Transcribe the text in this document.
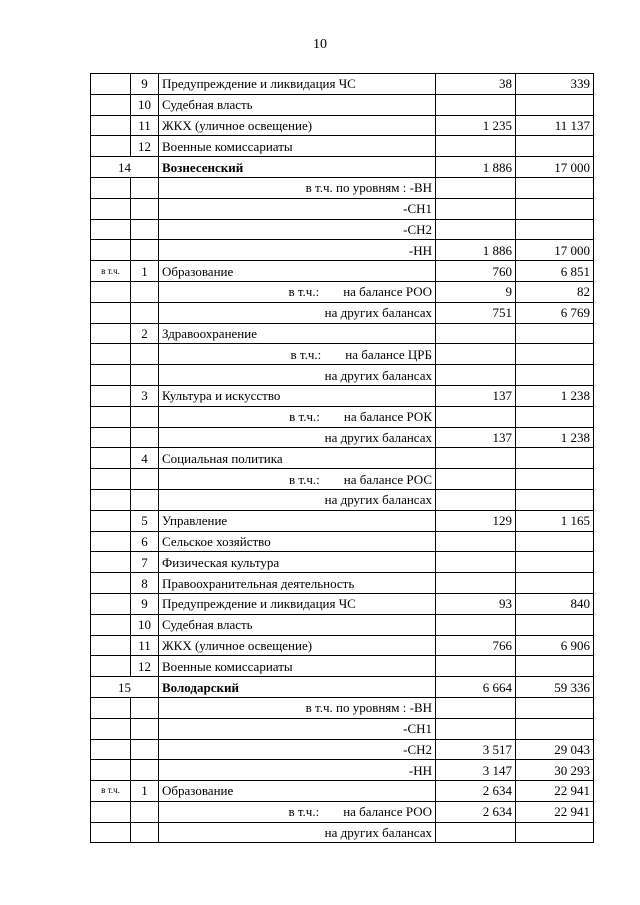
10
	9	Предупреждение и ликвидация ЧС	38	339
	10	Судебная власть		
	11	ЖКХ (уличное освещение)	1 235	11 137
	12	Военные комиссариаты		
14		Вознесенский	1 886	17 000
		в т.ч. по уровням : -ВН		
		-СН1		
		-СН2		
		-НН	1 886	17 000
в т.ч.	1	Образование	760	6 851
		в т.ч.: на балансе РОО	9	82
		на других балансах	751	6 769
	2	Здравоохранение		
		в т.ч.: на балансе ЦРБ		
		на других балансах		
	3	Культура и искусство	137	1 238
		в т.ч.: на балансе РОК		
		на других балансах	137	1 238
	4	Социальная политика		
		в т.ч.: на балансе РОС		
		на других балансах		
	5	Управление	129	1 165
	6	Сельское хозяйство		
	7	Физическая культура		
	8	Правоохранительная деятельность		
	9	Предупреждение и ликвидация ЧС	93	840
	10	Судебная власть		
	11	ЖКХ (уличное освещение)	766	6 906
	12	Военные комиссариаты		
15		Володарский	6 664	59 336
		в т.ч. по уровням : -ВН		
		-СН1		
		-СН2	3 517	29 043
		-НН	3 147	30 293
в т.ч.	1	Образование	2 634	22 941
		в т.ч.: на балансе РОО	2 634	22 941
		на других балансах		
